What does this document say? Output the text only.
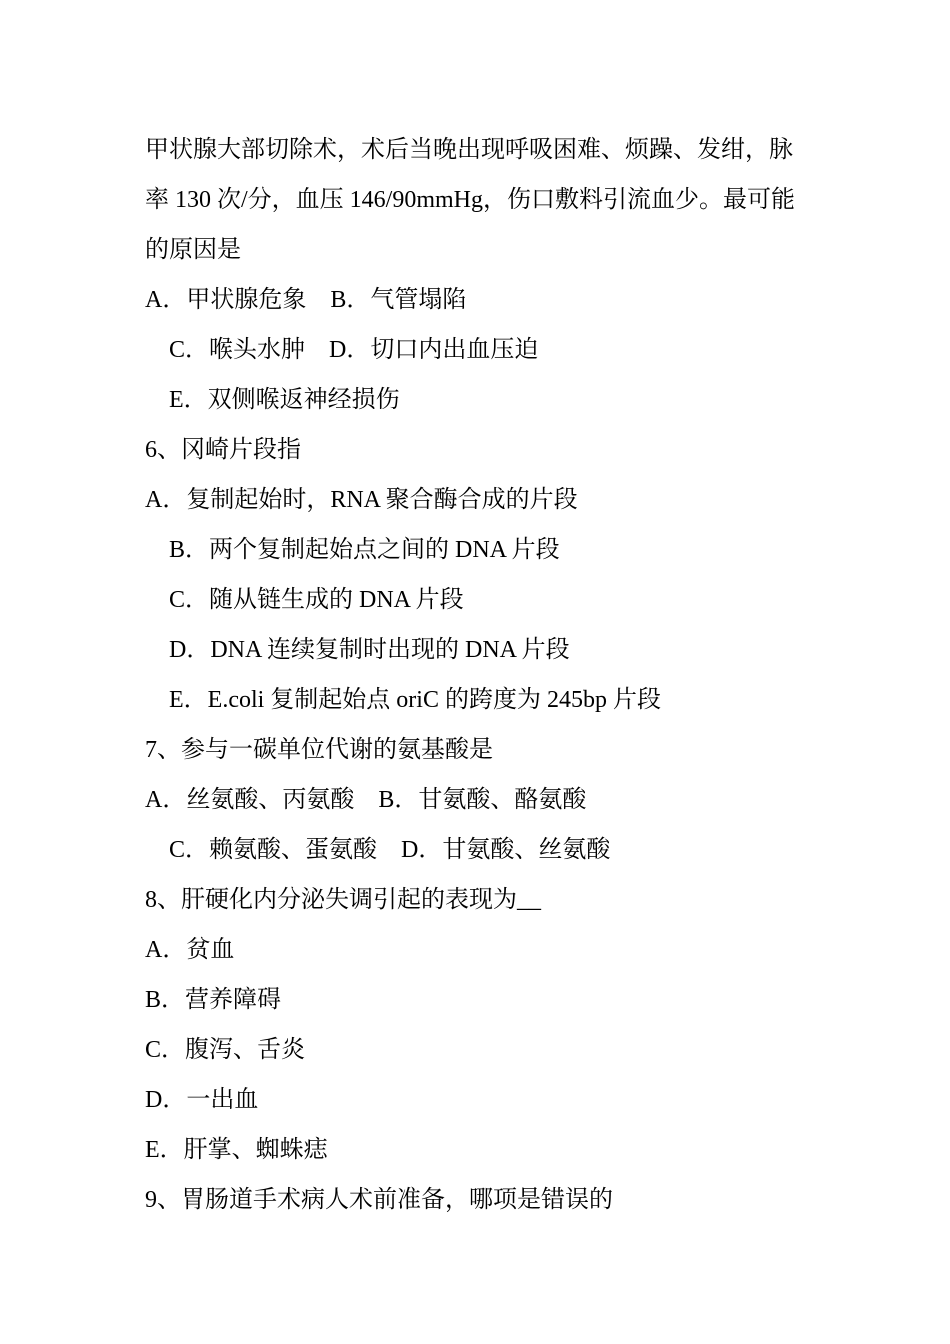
甲状腺大部切除术，术后当晚出现呼吸困难、烦躁、发绀，脉
率 130 次/分，血压 146/90mmHg，伤口敷料引流血少。最可能
的原因是
A．甲状腺危象　B．气管塌陷
C．喉头水肿　D．切口内出血压迫
E．双侧喉返神经损伤
6、冈崎片段指
A．复制起始时，RNA 聚合酶合成的片段
B．两个复制起始点之间的 DNA 片段
C．随从链生成的 DNA 片段
D．DNA 连续复制时出现的 DNA 片段
E．E.coli 复制起始点 oriC 的跨度为 245bp 片段
7、参与一碳单位代谢的氨基酸是
A．丝氨酸、丙氨酸　B．甘氨酸、酪氨酸
C．赖氨酸、蛋氨酸　D．甘氨酸、丝氨酸
8、肝硬化内分泌失调引起的表现为__
A．贫血
B．营养障碍
C．腹泻、舌炎
D．一出血
E．肝掌、蜘蛛痣
9、胃肠道手术病人术前准备，哪项是错误的
